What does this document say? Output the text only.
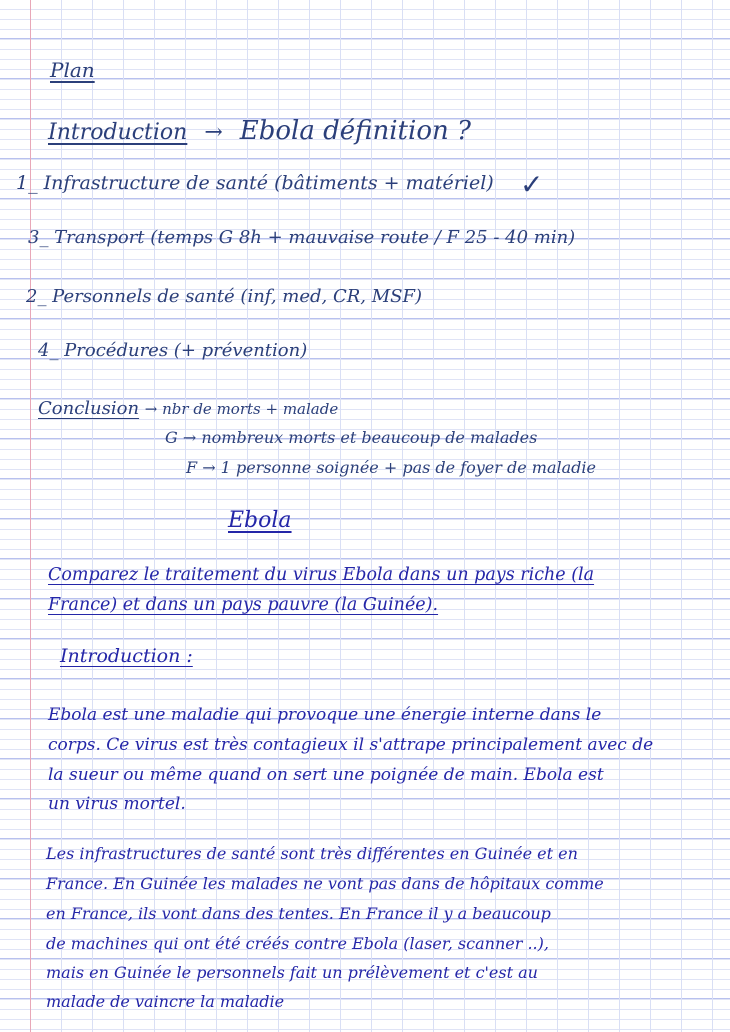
Plan
Introduction → Ebola définition ?
1_ Infrastructure de santé (bâtiments + matériel) ✓
3_ Transport (temps G 8h + mauvaise route / F 25 - 40 min)
2_ Personnels de santé (inf, med, CR, MSF)
4_ Procédures (+ prévention)
Conclusion → nbr de morts + malade
G → nombreux morts et beaucoup de malades
F → 1 personne soignée + pas de foyer de maladie
Ebola
Comparez le traitement du virus Ebola dans un pays riche (la
France) et dans un pays pauvre (la Guinée).
Introduction :
Ebola est une maladie qui provoque une énergie interne dans le
corps. Ce virus est très contagieux il s'attrape principalement avec de
la sueur ou même quand on sert une poignée de main. Ebola est
un virus mortel.
Les infrastructures de santé sont très différentes en Guinée et en
France. En Guinée les malades ne vont pas dans de hôpitaux comme
en France, ils vont dans des tentes. En France il y a beaucoup
de machines qui ont été créés contre Ebola (laser, scanner ..),
mais en Guinée le personnels fait un prélèvement et c'est au
malade de vaincre la maladie
